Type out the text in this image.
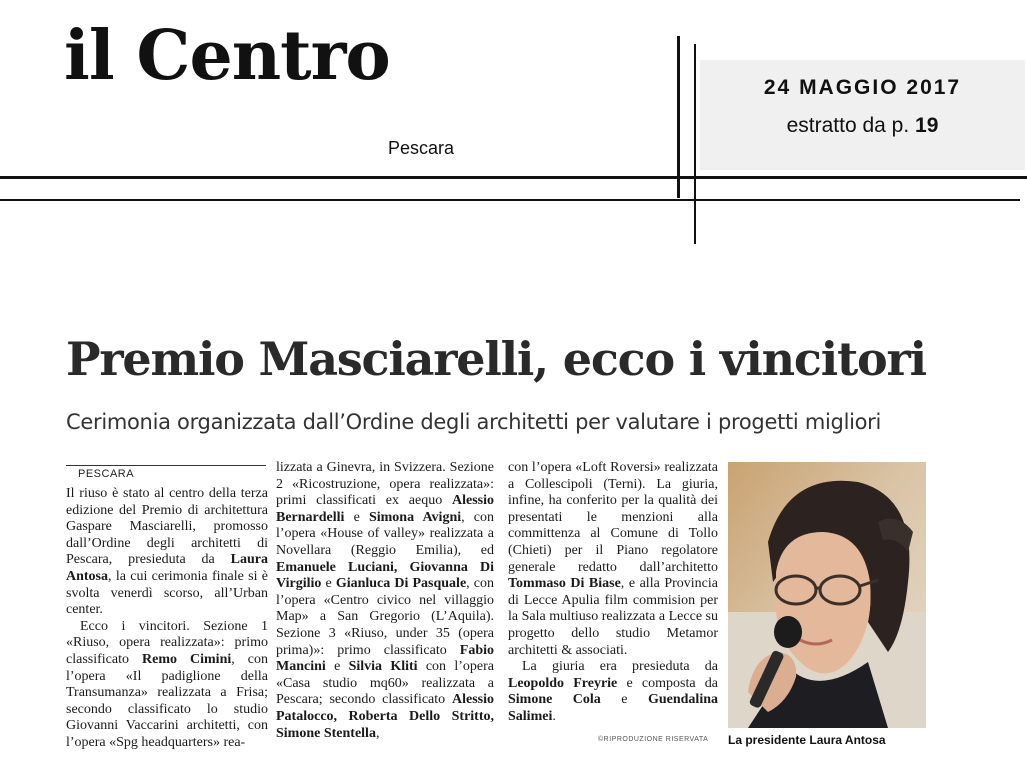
il Centro
Pescara
24 MAGGIO 2017
estratto da p. 19
Premio Masciarelli, ecco i vincitori
Cerimonia organizzata dall’Ordine degli architetti per valutare i progetti migliori
PESCARA

Il riuso è stato al centro della terza edizione del Premio di architettura Gaspare Masciarelli, promosso dall’Ordine degli architetti di Pescara, presieduta da Laura Antosa, la cui cerimonia finale si è svolta venerdì scorso, all’Urban center.

Ecco i vincitori. Sezione 1 «Riuso, opera realizzata»: primo classificato Remo Cimini, con l’opera «Il padiglione della Transumanza» realizzata a Frisa; secondo classificato lo studio Giovanni Vaccarini architetti, con l’opera «Spg headquarters» rea-

lizzata a Ginevra, in Svizzera. Sezione 2 «Ricostruzione, opera realizzata»: primi classificati ex aequo Alessio Bernardelli e Simona Avigni, con l’opera «House of valley» realizzata a Novellara (Reggio Emilia), ed Emanuele Luciani, Giovanna Di Virgilio e Gianluca Di Pasquale, con l’opera «Centro civico nel villaggio Map» a San Gregorio (L’Aquila). Sezione 3 «Riuso, under 35 (opera prima)»: primo classificato Fabio Mancini e Silvia Kliti con l’opera «Casa studio mq60» realizzata a Pescara; secondo classificato Alessio Patalocco, Roberta Dello Stritto, Simone Stentella,

con l’opera «Loft Roversi» realizzata a Collescipoli (Terni). La giuria, infine, ha conferito per la qualità dei presentati le menzioni alla committenza al Comune di Tollo (Chieti) per il Piano regolatore generale redatto dall’architetto Tommaso Di Biase, e alla Provincia di Lecce Apulia film commision per la Sala multiuso realizzata a Lecce su progetto dello studio Metamor architetti & associati.

La giuria era presieduta da Leopoldo Freyrie e composta da Simone Cola e Guendalina Salimei.

©RIPRODUZIONE RISERVATA La presidente Laura Antosa
